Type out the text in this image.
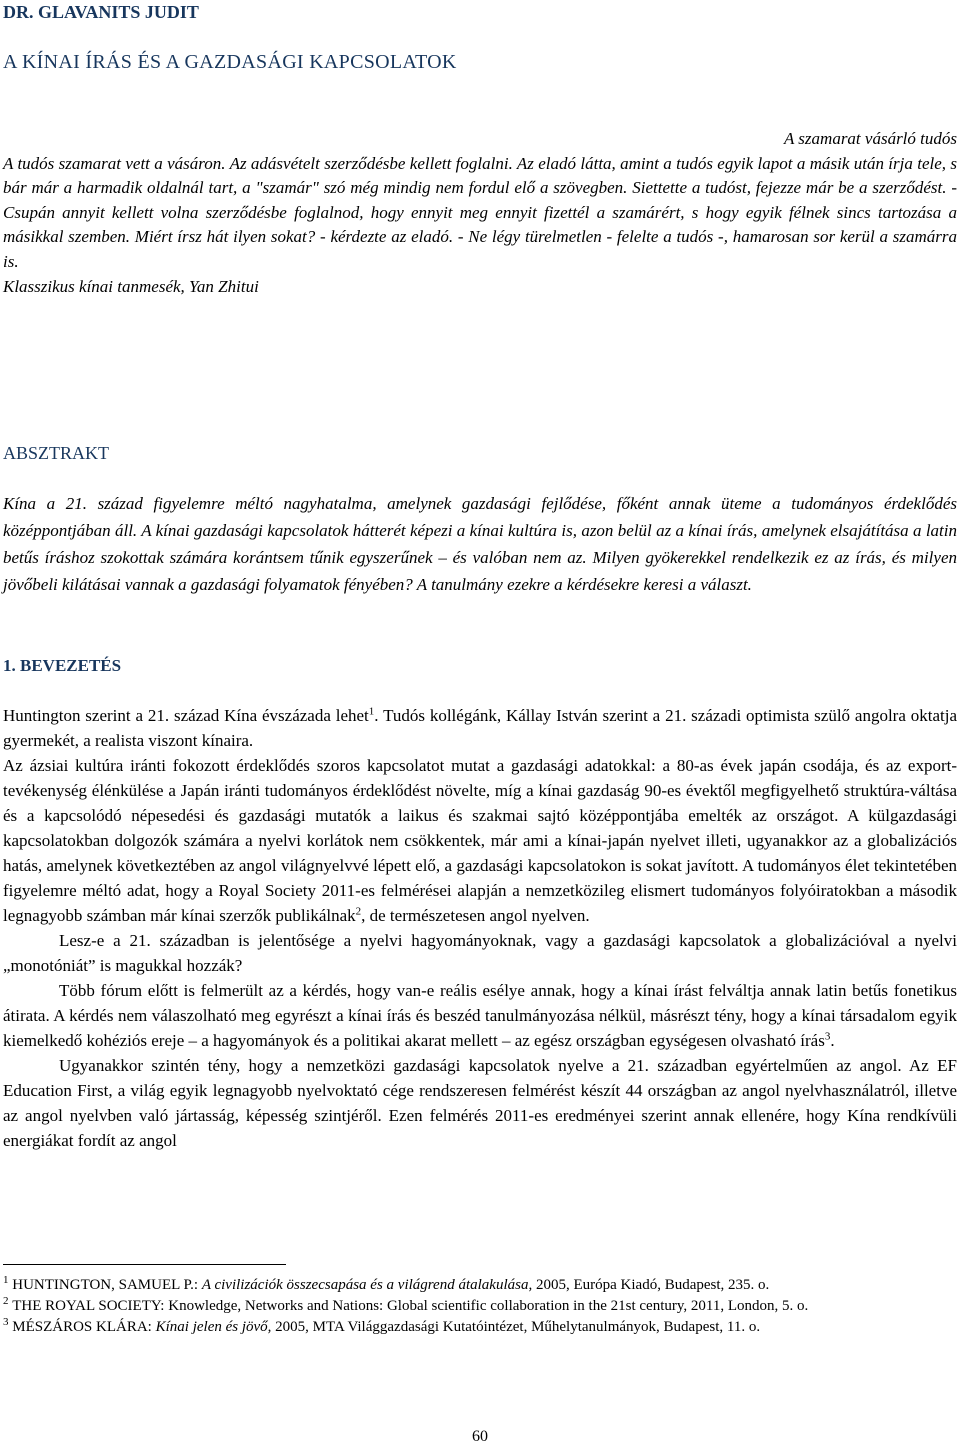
DR. GLAVANITS JUDIT
A KÍNAI ÍRÁS ÉS A GAZDASÁGI KAPCSOLATOK
A szamarat vásárló tudós
A tudós szamarat vett a vásáron. Az adásvételt szerződésbe kellett foglalni. Az eladó látta, amint a tudós egyik lapot a másik után írja tele, s bár már a harmadik oldalnál tart, a "szamár" szó még mindig nem fordul elő a szövegben. Siettette a tudóst, fejezze már be a szerződést. - Csupán annyit kellett volna szerződésbe foglalnod, hogy ennyit meg ennyit fizettél a szamárért, s hogy egyik félnek sincs tartozása a másikkal szemben. Miért írsz hát ilyen sokat? - kérdezte az eladó. - Ne légy türelmetlen - felelte a tudós -, hamarosan sor kerül a szamárra is.
Klasszikus kínai tanmesék, Yan Zhitui
ABSZTRAKT
Kína a 21. század figyelemre méltó nagyhatalma, amelynek gazdasági fejlődése, főként annak üteme a tudományos érdeklődés középpontjában áll. A kínai gazdasági kapcsolatok hátterét képezi a kínai kultúra is, azon belül az a kínai írás, amelynek elsajátítása a latin betűs íráshoz szokottak számára korántsem tűnik egyszerűnek – és valóban nem az. Milyen gyökerekkel rendelkezik ez az írás, és milyen jövőbeli kilátásai vannak a gazdasági folyamatok fényében? A tanulmány ezekre a kérdésekre keresi a választ.
1. BEVEZETÉS

Huntington szerint a 21. század Kína évszázada lehet$^1$. Tudós kollégánk, Kállay István szerint a 21. századi optimista szülő angolra oktatja gyermekét, a realista viszont kínaira.

Az ázsiai kultúra iránti fokozott érdeklődés szoros kapcsolatot mutat a gazdasági adatokkal: a 80-as évek japán csodája, és az export-tevékenység élénkülése a Japán iránti tudományos érdeklődést növelte, míg a kínai gazdaság 90-es évektől megfigyelhető struktúra-váltása és a kapcsolódó népesedési és gazdasági mutatók a laikus és szakmai sajtó középpontjába emelték az országot. A külgazdasági kapcsolatokban dolgozók számára a nyelvi korlátok nem csökkentek, már ami a kínai-japán nyelvet illeti, ugyanakkor az a globalizációs hatás, amelynek következtében az angol világnyelvvé lépett elő, a gazdasági kapcsolatokon is sokat javított. A tudományos élet tekintetében figyelemre méltó adat, hogy a Royal Society 2011-es felmérései alapján a nemzetközileg elismert tudományos folyóiratokban a második legnagyobb számban már kínai szerzők publikálnak$^2$, de természetesen angol nyelven.

Lesz-e a 21. században is jelentősége a nyelvi hagyományoknak, vagy a gazdasági kapcsolatok a globalizációval a nyelvi „monotóniát” is magukkal hozzák?

Több fórum előtt is felmerült az a kérdés, hogy van-e reális esélye annak, hogy a kínai írást felváltja annak latin betűs fonetikus átirata. A kérdés nem válaszolható meg egyrészt a kínai írás és beszéd tanulmányozása nélkül, másrészt tény, hogy a kínai társadalom egyik kiemelkedő kohéziós ereje – a hagyományok és a politikai akarat mellett – az egész országban egységesen olvasható írás$^3$.

Ugyanakkor szintén tény, hogy a nemzetközi gazdasági kapcsolatok nyelve a 21. században egyértelműen az angol. Az EF Education First, a világ egyik legnagyobb nyelvoktató cége rendszeresen felmérést készít 44 országban az angol nyelvhasználatról, illetve az angol nyelvben való jártasság, képesség szintjéről. Ezen felmérés 2011-es eredményei szerint annak ellenére, hogy Kína rendkívüli energiákat fordít az angol

$^1$ HUNTINGTON, SAMUEL P.: A civilizációk összecsapása és a világrend átalakulása, 2005, Európa Kiadó, Budapest, 235. o.

$^2$ THE ROYAL SOCIETY: Knowledge, Networks and Nations: Global scientific collaboration in the 21st century, 2011, London, 5. o.

$^3$ MÉSZÁROS KLÁRA: Kínai jelen és jövő, 2005, MTA Világgazdasági Kutatóintézet, Műhelytanulmányok, Budapest, 11. o.

60
